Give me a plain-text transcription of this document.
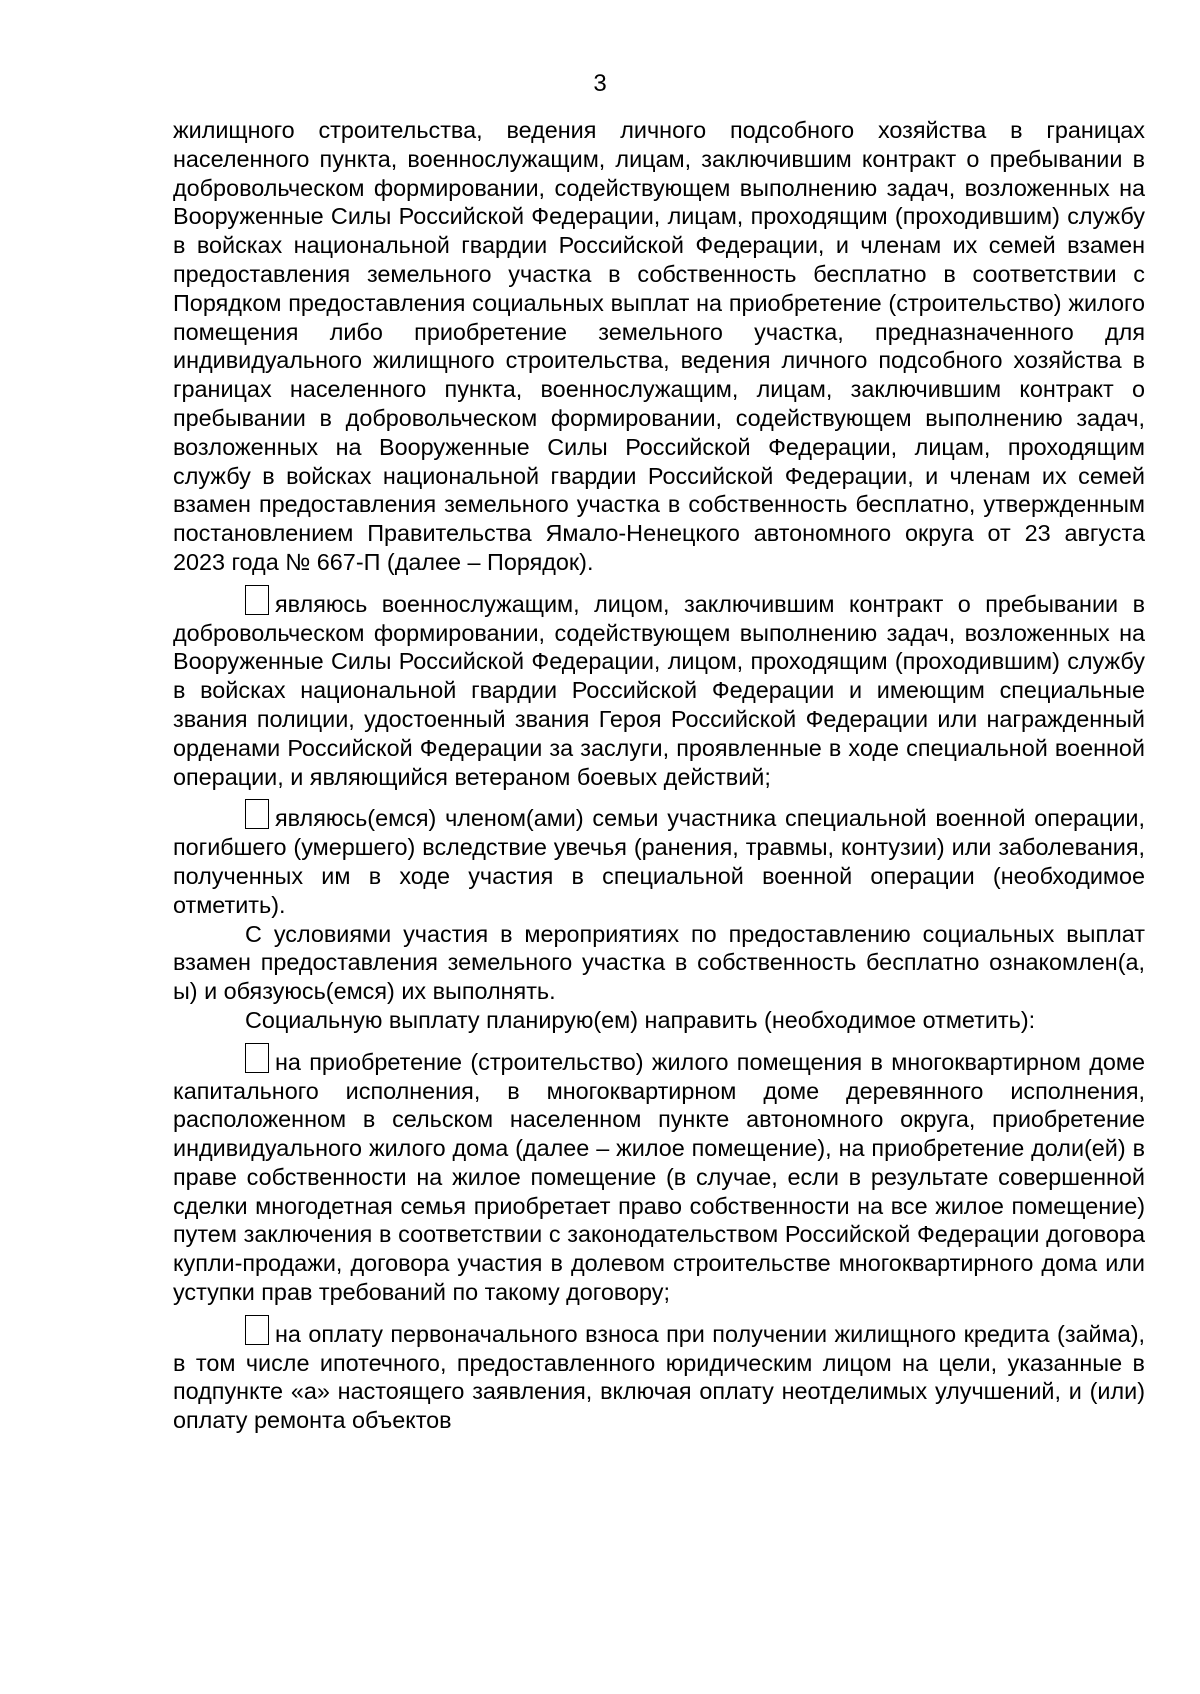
3

жилищного строительства, ведения личного подсобного хозяйства в границах населенного пункта, военнослужащим, лицам, заключившим контракт о пребывании в добровольческом формировании, содействующем выполнению задач, возложенных на Вооруженные Силы Российской Федерации, лицам, проходящим (проходившим) службу в войсках национальной гвардии Российской Федерации, и членам их семей взамен предоставления земельного участка в собственность бесплатно в соответствии с Порядком предоставления социальных выплат на приобретение (строительство) жилого помещения либо приобретение земельного участка, предназначенного для индивидуального жилищного строительства, ведения личного подсобного хозяйства в границах населенного пункта, военнослужащим, лицам, заключившим контракт о пребывании в добровольческом формировании, содействующем выполнению задач, возложенных на Вооруженные Силы Российской Федерации, лицам, проходящим службу в войсках национальной гвардии Российской Федерации, и членам их семей взамен предоставления земельного участка в собственность бесплатно, утвержденным постановлением Правительства Ямало-Ненецкого автономного округа от 23 августа 2023 года № 667-П (далее – Порядок).

являюсь военнослужащим, лицом, заключившим контракт о пребывании в добровольческом формировании, содействующем выполнению задач, возложенных на Вооруженные Силы Российской Федерации, лицом, проходящим (проходившим) службу в войсках национальной гвардии Российской Федерации и имеющим специальные звания полиции, удостоенный звания Героя Российской Федерации или награжденный орденами Российской Федерации за заслуги, проявленные в ходе специальной военной операции, и являющийся ветераном боевых действий;

являюсь(емся) членом(ами) семьи участника специальной военной операции, погибшего (умершего) вследствие увечья (ранения, травмы, контузии) или заболевания, полученных им в ходе участия в специальной военной операции (необходимое отметить).

С условиями участия в мероприятиях по предоставлению социальных выплат взамен предоставления земельного участка в собственность бесплатно ознакомлен(а, ы) и обязуюсь(емся) их выполнять.

Социальную выплату планирую(ем) направить (необходимое отметить):

на приобретение (строительство) жилого помещения в многоквартирном доме капитального исполнения, в многоквартирном доме деревянного исполнения, расположенном в сельском населенном пункте автономного округа, приобретение индивидуального жилого дома (далее – жилое помещение), на приобретение доли(ей) в праве собственности на жилое помещение (в случае, если в результате совершенной сделки многодетная семья приобретает право собственности на все жилое помещение) путем заключения в соответствии с законодательством Российской Федерации договора купли-продажи, договора участия в долевом строительстве многоквартирного дома или уступки прав требований по такому договору;

на оплату первоначального взноса при получении жилищного кредита (займа), в том числе ипотечного, предоставленного юридическим лицом на цели, указанные в подпункте «а» настоящего заявления, включая оплату неотделимых улучшений, и (или) оплату ремонта объектов
